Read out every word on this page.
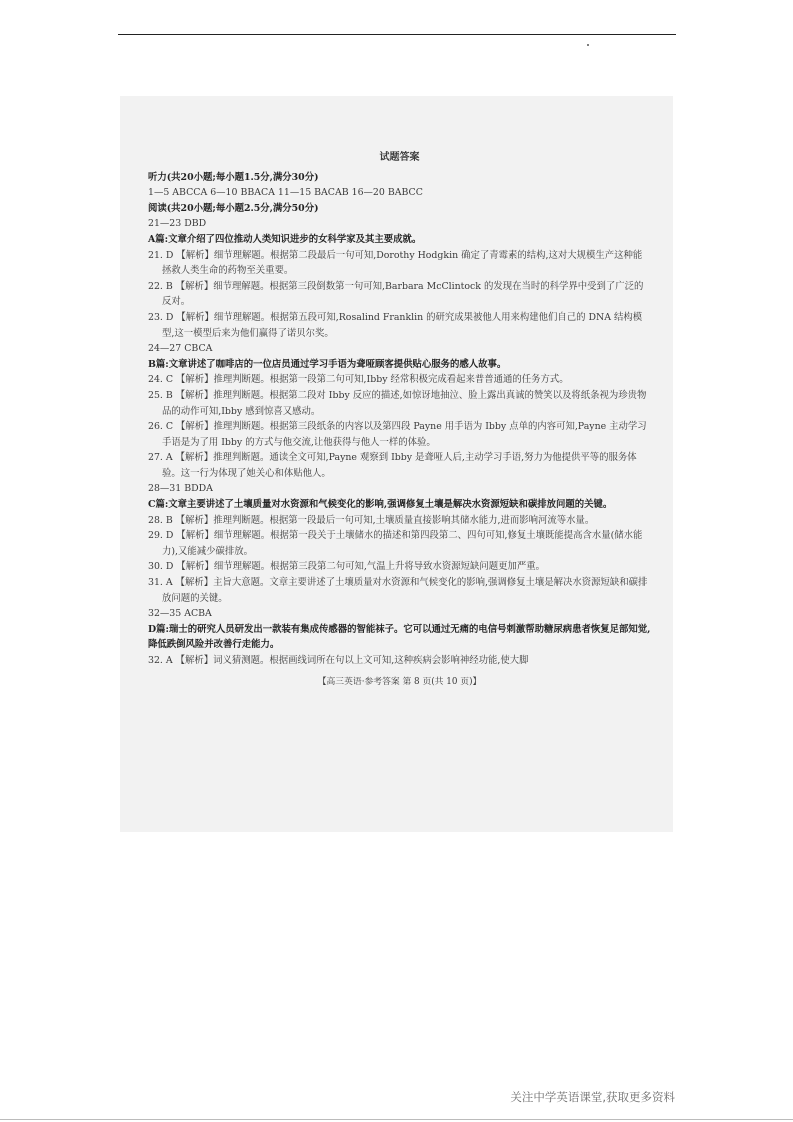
试题答案
听力(共20小题;每小题1.5分,满分30分)
1—5 ABCCA 6—10 BBACA 11—15 BACAB 16—20 BABCC
阅读(共20小题;每小题2.5分,满分50分)
21—23 DBD
A篇:文章介绍了四位推动人类知识进步的女科学家及其主要成就。
21. D 【解析】细节理解题。根据第二段最后一句可知,Dorothy Hodgkin 确定了青霉素的结构,这对大规模生产这种能拯救人类生命的药物至关重要。
22. B 【解析】细节理解题。根据第三段倒数第一句可知,Barbara McClintock 的发现在当时的科学界中受到了广泛的反对。
23. D 【解析】细节理解题。根据第五段可知,Rosalind Franklin 的研究成果被他人用来构建他们自己的 DNA 结构模型,这一模型后来为他们赢得了诺贝尔奖。
24—27 CBCA
B篇:文章讲述了咖啡店的一位店员通过学习手语为聋哑顾客提供贴心服务的感人故事。
24. C 【解析】推理判断题。根据第一段第二句可知,Ibby 经常积极完成看起来普普通通的任务方式。
25. B 【解析】推理判断题。根据第二段对 Ibby 反应的描述,如惊讶地抽泣、脸上露出真诚的赞笑以及将纸条视为珍贵物品的动作可知,Ibby 感到惊喜又感动。
26. C 【解析】推理判断题。根据第三段纸条的内容以及第四段 Payne 用手语为 Ibby 点单的内容可知,Payne 主动学习手语是为了用 Ibby 的方式与他交流,让他获得与他人一样的体验。
27. A 【解析】推理判断题。通读全文可知,Payne 观察到 Ibby 是聋哑人后,主动学习手语,努力为他提供平等的服务体验。这一行为体现了她关心和体贴他人。
28—31 BDDA
C篇:文章主要讲述了土壤质量对水资源和气候变化的影响,强调修复土壤是解决水资源短缺和碳排放问题的关键。
28. B 【解析】推理判断题。根据第一段最后一句可知,土壤质量直接影响其储水能力,进而影响河流等水量。
29. D 【解析】细节理解题。根据第一段关于土壤储水的描述和第四段第二、四句可知,修复土壤既能提高含水量(储水能力),又能减少碳排放。
30. D 【解析】细节理解题。根据第三段第二句可知,气温上升将导致水资源短缺问题更加严重。
31. A 【解析】主旨大意题。文章主要讲述了土壤质量对水资源和气候变化的影响,强调修复土壤是解决水资源短缺和碳排放问题的关键。
32—35 ACBA
D篇:瑞士的研究人员研发出一款装有集成传感器的智能袜子。它可以通过无痛的电信号刺激帮助糖尿病患者恢复足部知觉,降低跌倒风险并改善行走能力。
32. A 【解析】词义猜测题。根据画线词所在句以上文可知,这种疾病会影响神经功能,使大脚
【高三英语·参考答案 第 8 页(共 10 页)】
关注中学英语课堂,获取更多资料
